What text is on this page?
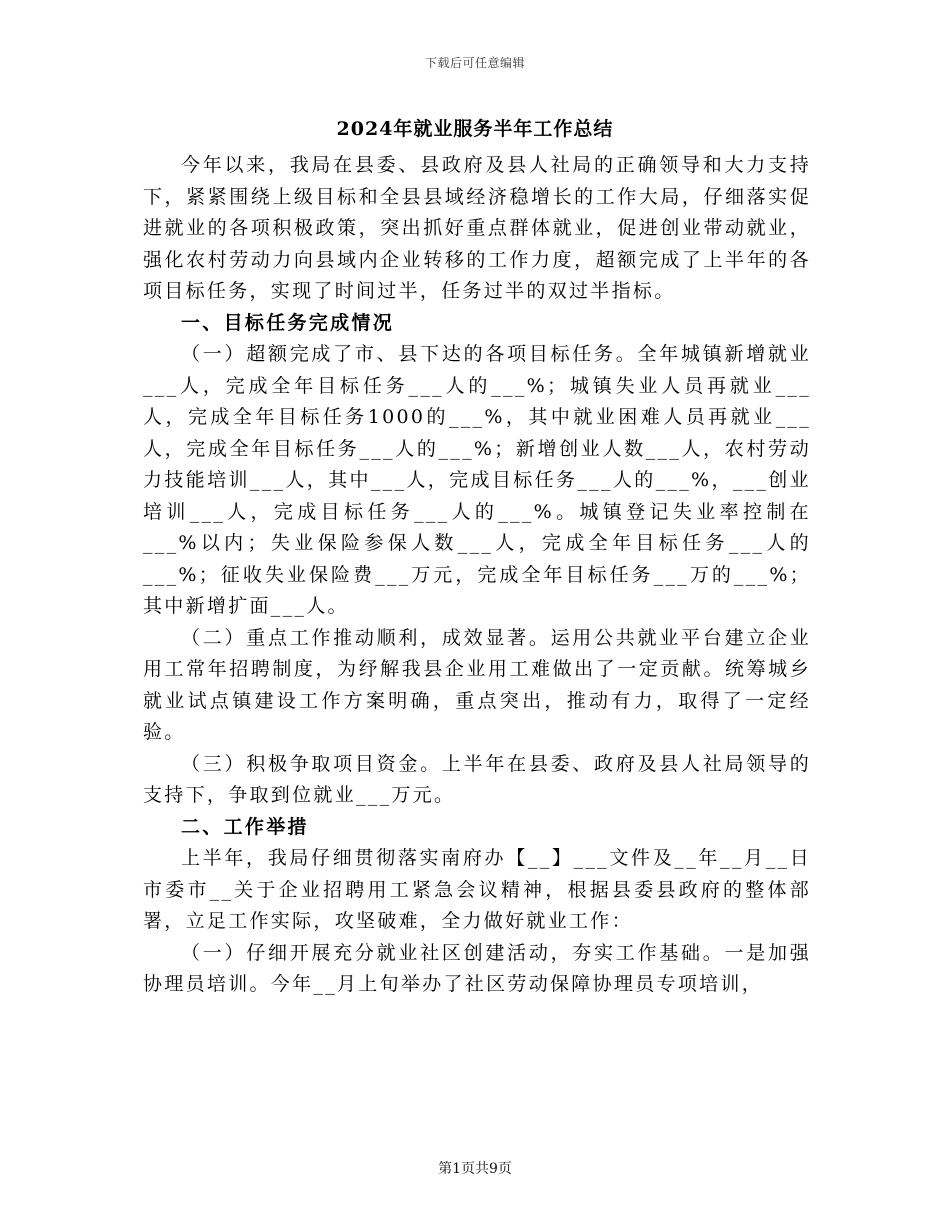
下载后可任意编辑
2024年就业服务半年工作总结

今年以来，我局在县委、县政府及县人社局的正确领导和大力支持下，紧紧围绕上级目标和全县县域经济稳增长的工作大局，仔细落实促进就业的各项积极政策，突出抓好重点群体就业，促进创业带动就业，强化农村劳动力向县域内企业转移的工作力度，超额完成了上半年的各项目标任务，实现了时间过半，任务过半的双过半指标。

一、目标任务完成情况

（一）超额完成了市、县下达的各项目标任务。全年城镇新增就业___人，完成全年目标任务___人的___%；城镇失业人员再就业___人，完成全年目标任务1000的___%，其中就业困难人员再就业___人，完成全年目标任务___人的___%；新增创业人数___人，农村劳动力技能培训___人，其中___人，完成目标任务___人的___%，___创业培训___人，完成目标任务___人的___%。城镇登记失业率控制在___%以内；失业保险参保人数___人，完成全年目标任务___人的___%；征收失业保险费___万元，完成全年目标任务___万的___%；其中新增扩面___人。

（二）重点工作推动顺利，成效显著。运用公共就业平台建立企业用工常年招聘制度，为纾解我县企业用工难做出了一定贡献。统筹城乡就业试点镇建设工作方案明确，重点突出，推动有力，取得了一定经验。

（三）积极争取项目资金。上半年在县委、政府及县人社局领导的支持下，争取到位就业___万元。

二、工作举措

上半年，我局仔细贯彻落实南府办【__】___文件及__年__月__日市委市__关于企业招聘用工紧急会议精神，根据县委县政府的整体部署，立足工作实际，攻坚破难，全力做好就业工作：

（一）仔细开展充分就业社区创建活动，夯实工作基础。一是加强协理员培训。今年__月上旬举办了社区劳动保障协理员专项培训，

第1页共9页
